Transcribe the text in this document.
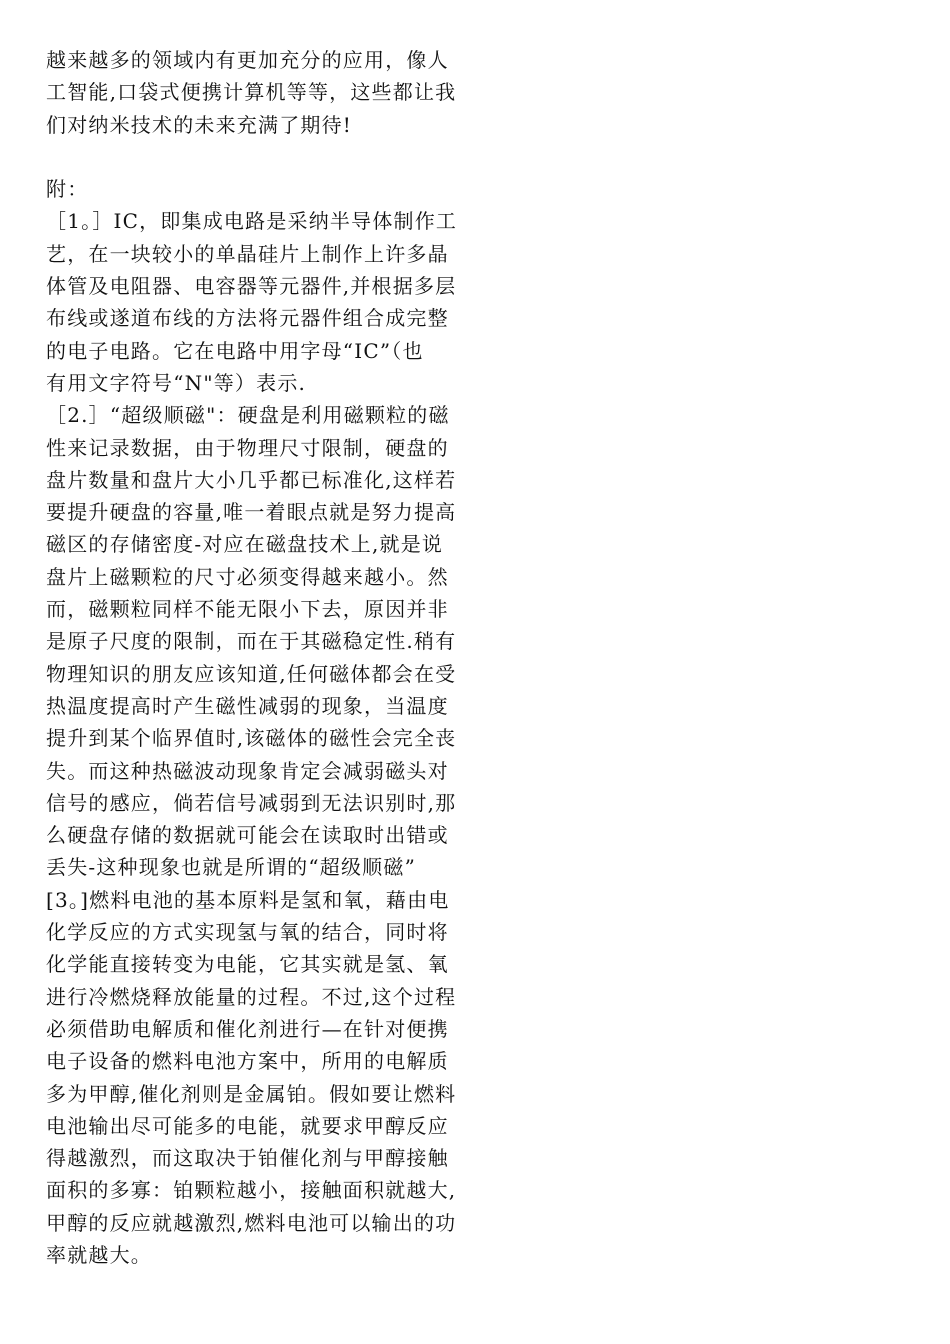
越来越多的领域内有更加充分的应用，像人
工智能,口袋式便携计算机等等，这些都让我
们对纳米技术的未来充满了期待!
附：
［1。］IC，即集成电路是采纳半导体制作工
艺，在一块较小的单晶硅片上制作上许多晶
体管及电阻器、电容器等元器件,并根据多层
布线或遂道布线的方法将元器件组合成完整
的电子电路。它在电路中用字母“IC”（也
有用文字符号“N"等）表示.
［2.］“超级顺磁"：硬盘是利用磁颗粒的磁
性来记录数据，由于物理尺寸限制，硬盘的
盘片数量和盘片大小几乎都已标准化,这样若
要提升硬盘的容量,唯一着眼点就是努力提高
磁区的存储密度-对应在磁盘技术上,就是说
盘片上磁颗粒的尺寸必须变得越来越小。然
而，磁颗粒同样不能无限小下去，原因并非
是原子尺度的限制，而在于其磁稳定性.稍有
物理知识的朋友应该知道,任何磁体都会在受
热温度提高时产生磁性减弱的现象，当温度
提升到某个临界值时,该磁体的磁性会完全丧
失。而这种热磁波动现象肯定会减弱磁头对
信号的感应，倘若信号减弱到无法识别时,那
么硬盘存储的数据就可能会在读取时出错或
丢失-这种现象也就是所谓的“超级顺磁”
[3。]燃料电池的基本原料是氢和氧，藉由电
化学反应的方式实现氢与氧的结合，同时将
化学能直接转变为电能，它其实就是氢、氧
进行冷燃烧释放能量的过程。不过,这个过程
必须借助电解质和催化剂进行—在针对便携
电子设备的燃料电池方案中，所用的电解质
多为甲醇,催化剂则是金属铂。假如要让燃料
电池输出尽可能多的电能，就要求甲醇反应
得越激烈，而这取决于铂催化剂与甲醇接触
面积的多寡：铂颗粒越小，接触面积就越大,
甲醇的反应就越激烈,燃料电池可以输出的功
率就越大。
